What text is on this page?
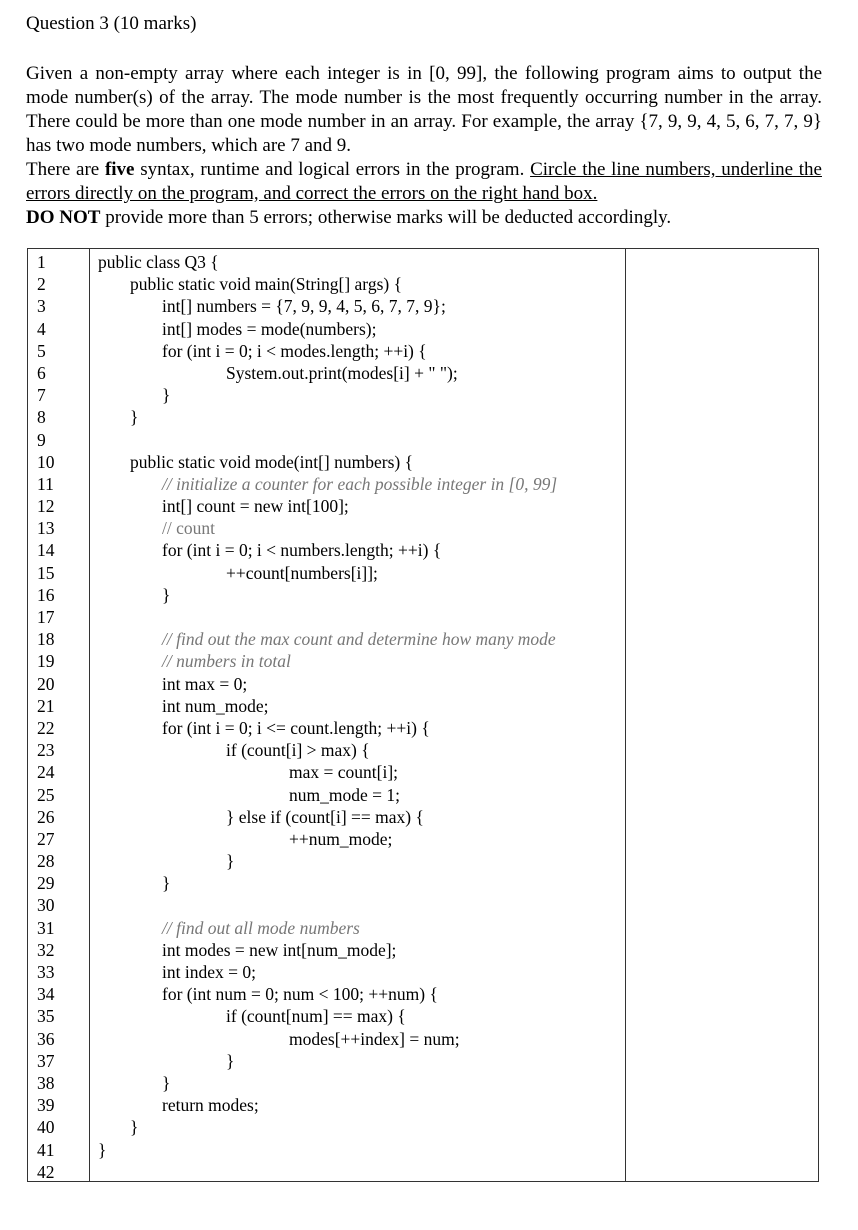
Question 3 (10 marks)

Given a non-empty array where each integer is in [0, 99], the following program aims to output the mode number(s) of the array. The mode number is the most frequently occurring number in the array. There could be more than one mode number in an array. For example, the array {7, 9, 9, 4, 5, 6, 7, 7, 9} has two mode numbers, which are 7 and 9.

There are five syntax, runtime and logical errors in the program. Circle the line numbers, underline the errors directly on the program, and correct the errors on the right hand box.

DO NOT provide more than 5 errors; otherwise marks will be deducted accordingly.

1	public class Q3 {
2	public static void main(String[] args) {
3	int[] numbers = {7, 9, 9, 4, 5, 6, 7, 7, 9};
4	int[] modes = mode(numbers);
5	for (int i = 0; i < modes.length; ++i) {
6	System.out.print(modes[i] + " ");
7	}
8	}
9
10	public static void mode(int[] numbers) {
11	// initialize a counter for each possible integer in [0, 99]
12	int[] count = new int[100];
13	// count
14	for (int i = 0; i < numbers.length; ++i) {
15	++count[numbers[i]];
16	}
17
18	// find out the max count and determine how many mode
19	// numbers in total
20	int max = 0;
21	int num_mode;
22	for (int i = 0; i <= count.length; ++i) {
23	if (count[i] > max) {
24	max = count[i];
25	num_mode = 1;
26	} else if (count[i] == max) {
27	++num_mode;
28	}
29	}
30
31	// find out all mode numbers
32	int modes = new int[num_mode];
33	int index = 0;
34	for (int num = 0; num < 100; ++num) {
35	if (count[num] == max) {
36	modes[++index] = num;
37	}
38	}
39	return modes;
40	}
41 }
42
